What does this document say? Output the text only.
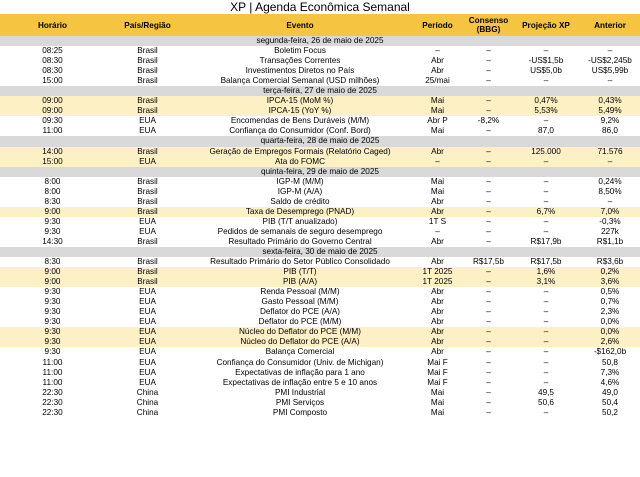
XP | Agenda Econômica Semanal
Horário	País/Região	Evento	Período	Consenso (BBG)	Projeção XP	Anterior
segunda-feira, 26 de maio de 2025						
08:25	Brasil	Boletim Focus	–	–	–	–
08:30	Brasil	Transações Correntes	Abr	–	-US$1,5b	-US$2,245b
08:30	Brasil	Investimentos Diretos no País	Abr	–	US$5,0b	US$5,99b
15:00	Brasil	Balança Comercial Semanal (USD milhões)	25/mai	–	–	–
terça-feira, 27 de maio de 2025						
09:00	Brasil	IPCA-15 (MoM %)	Mai	–	0,47%	0,43%
09:00	Brasil	IPCA-15 (YoY %)	Mai	–	5,53%	5,49%
09:30	EUA	Encomendas de Bens Duráveis (M/M)	Abr P	-8,2%	–	9,2%
11:00	EUA	Confiança do Consumidor (Conf. Bord)	Mai	–	87,0	86,0
quarta-feira, 28 de maio de 2025						
14:00	Brasil	Geração de Empregos Formais (Relatório Caged)	Abr	–	125.000	71.576
15:00	EUA	Ata do FOMC	–	–	–	–
quinta-feira, 29 de maio de 2025						
8:00	Brasil	IGP-M (M/M)	Mai	–	–	0,24%
8:00	Brasil	IGP-M (A/A)	Mai	–	–	8,50%
8:30	Brasil	Saldo de crédito	Abr	–	–	–
9:00	Brasil	Taxa de Desemprego (PNAD)	Abr	–	6,7%	7,0%
9:30	EUA	PIB (T/T anualizado)	1T S	–	–	-0,3%
9:30	EUA	Pedidos de semanais de seguro desemprego	–	–	–	227k
14:30	Brasil	Resultado Primário do Governo Central	Abr	–	R$17,9b	R$1,1b
sexta-feira, 30 de maio de 2025						
8:30	Brasil	Resultado Primário do Setor Público Consolidado	Abr	R$17,5b	R$17,5b	R$3,6b
9:00	Brasil	PIB (T/T)	1T 2025	–	1,6%	0,2%
9:00	Brasil	PIB (A/A)	1T 2025	–	3,1%	3,6%
9:30	EUA	Renda Pessoal (M/M)	Abr	–	–	0,5%
9:30	EUA	Gasto Pessoal (M/M)	Abr	–	–	0,7%
9:30	EUA	Deflator do PCE (A/A)	Abr	–	–	2,3%
9:30	EUA	Deflator do PCE (M/M)	Abr	–	–	0,0%
9:30	EUA	Núcleo do Deflator do PCE (M/M)	Abr	–	–	0,0%
9:30	EUA	Núcleo do Deflator do PCE (A/A)	Abr	–	–	2,6%
9:30	EUA	Balança Comercial	Abr	–	–	-$162,0b
11:00	EUA	Confiança do Consumidor (Univ. de Michigan)	Mai F	–	–	50,8
11:00	EUA	Expectativas de inflação para 1 ano	Mai F	–	–	7,3%
11:00	EUA	Expectativas de inflação entre 5 e 10 anos	Mai F	–	–	4,6%
22:30	China	PMI Industrial	Mai	–	49,5	49,0
22:30	China	PMI Serviços	Mai	–	50,6	50,4
22:30	China	PMI Composto	Mai	–	–	50,2
